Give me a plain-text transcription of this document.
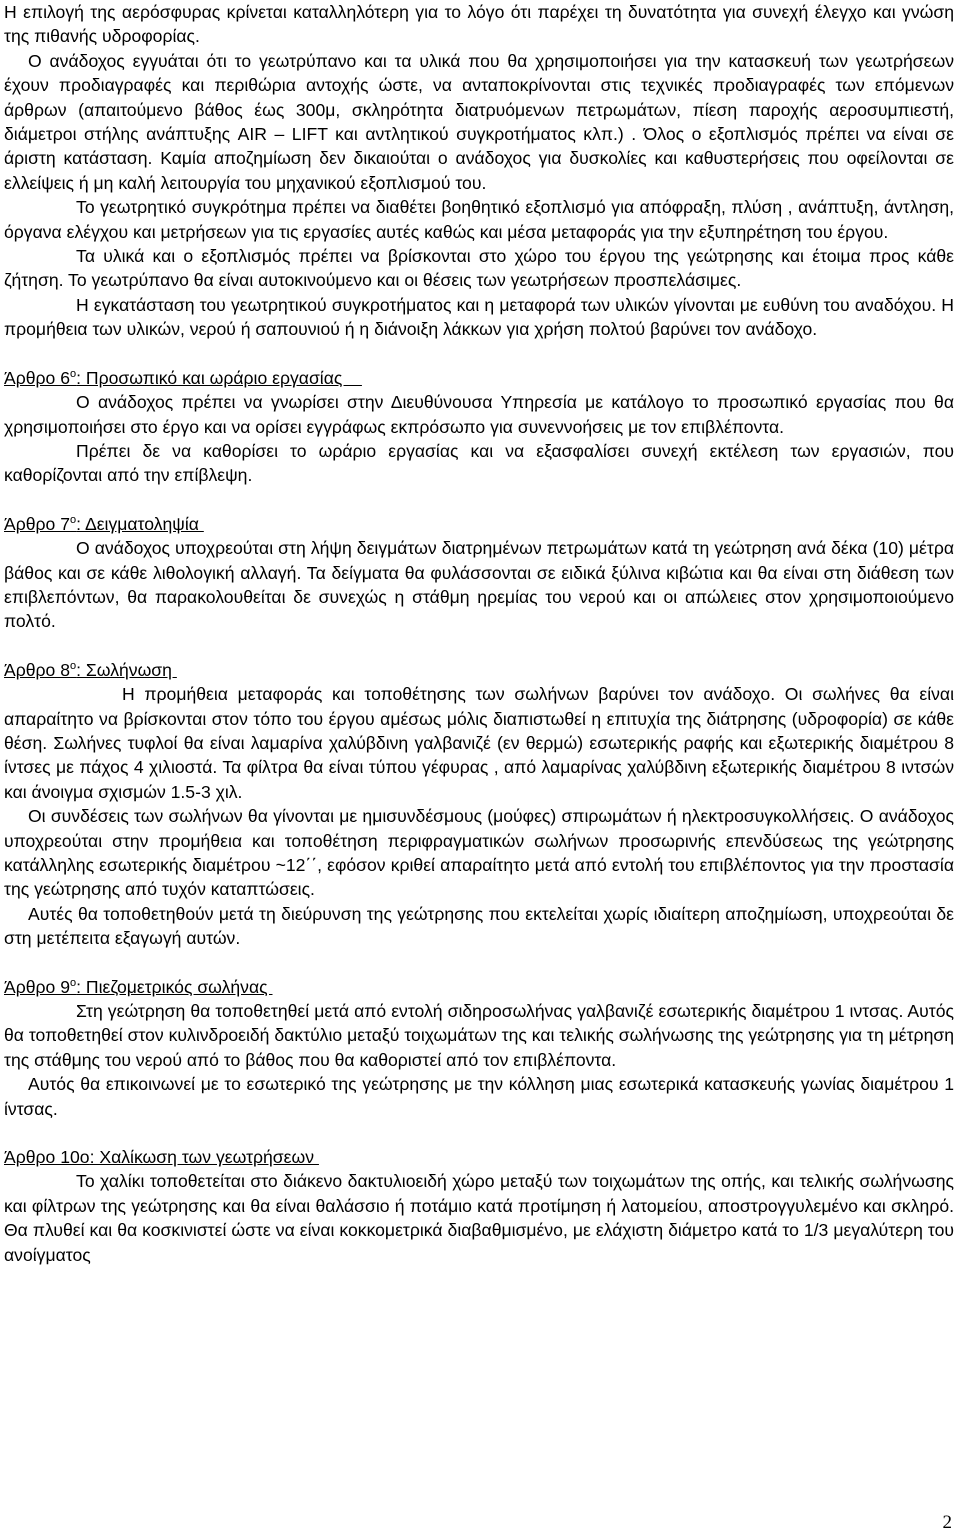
Η επιλογή της αερόσφυρας κρίνεται καταλληλότερη για το λόγο ότι παρέχει τη δυνατότητα για συνεχή έλεγχο και γνώση της πιθανής υδροφορίας.

Ο ανάδοχος εγγυάται ότι το γεωτρύπανο και τα υλικά που θα χρησιμοποιήσει για την κατασκευή των γεωτρήσεων έχουν προδιαγραφές και περιθώρια αντοχής ώστε, να ανταποκρίνονται στις τεχνικές προδιαγραφές των επόμενων άρθρων (απαιτούμενο βάθος έως 300μ, σκληρότητα διατρυόμενων πετρωμάτων, πίεση παροχής αεροσυμπιεστή, διάμετροι στήλης ανάπτυξης AIR – LIFT και αντλητικού συγκροτήματος κλπ.) . Όλος ο εξοπλισμός πρέπει να είναι σε άριστη κατάσταση. Καμία αποζημίωση δεν δικαιούται ο ανάδοχος για δυσκολίες και καθυστερήσεις που οφείλονται σε ελλείψεις ή μη καλή λειτουργία του μηχανικού εξοπλισμού του.

Το γεωτρητικό συγκρότημα πρέπει να διαθέτει βοηθητικό εξοπλισμό για απόφραξη, πλύση , ανάπτυξη, άντληση, όργανα ελέγχου και μετρήσεων για τις εργασίες αυτές καθώς και μέσα μεταφοράς για την εξυπηρέτηση του έργου.

Τα υλικά και ο εξοπλισμός πρέπει να βρίσκονται στο χώρο του έργου της γεώτρησης και έτοιμα προς κάθε ζήτηση. Το γεωτρύπανο θα είναι αυτοκινούμενο και οι θέσεις των γεωτρήσεων προσπελάσιμες.

Η εγκατάσταση του γεωτρητικού συγκροτήματος και η μεταφορά των υλικών γίνονται με ευθύνη του αναδόχου. Η προμήθεια των υλικών, νερού ή σαπουνιού ή η διάνοιξη λάκκων για χρήση πολτού βαρύνει τον ανάδοχο.

Άρθρο $6^o$: Προσωπικό και ωράριο εργασίας

Ο ανάδοχος πρέπει να γνωρίσει στην Διευθύνουσα Υπηρεσία με κατάλογο το προσωπικό εργασίας που θα χρησιμοποιήσει στο έργο και να ορίσει εγγράφως εκπρόσωπο για συνεννοήσεις με τον επιβλέποντα.

Πρέπει δε να καθορίσει το ωράριο εργασίας και να εξασφαλίσει συνεχή εκτέλεση των εργασιών, που καθορίζονται από την επίβλεψη.

Άρθρο $7^o$: Δειγματοληψία

Ο ανάδοχος υποχρεούται στη λήψη δειγμάτων διατρημένων πετρωμάτων κατά τη γεώτρηση ανά δέκα (10) μέτρα βάθος και σε κάθε λιθολογική αλλαγή. Τα δείγματα θα φυλάσσονται σε ειδικά ξύλινα κιβώτια και θα είναι στη διάθεση των επιβλεπόντων, θα παρακολουθείται δε συνεχώς η στάθμη ηρεμίας του νερού και οι απώλειες στον χρησιμοποιούμενο πολτό.

Άρθρο $8^o$: Σωλήνωση

Η προμήθεια μεταφοράς και τοποθέτησης των σωλήνων βαρύνει τον ανάδοχο. Οι σωλήνες θα είναι απαραίτητο να βρίσκονται στον τόπο του έργου αμέσως μόλις διαπιστωθεί η επιτυχία της διάτρησης (υδροφορία) σε κάθε θέση. Σωλήνες τυφλοί θα είναι λαμαρίνα χαλύβδινη γαλβανιζέ (εν θερμώ) εσωτερικής ραφής και εξωτερικής διαμέτρου 8 ίντσες με πάχος 4 χιλιοστά. Τα φίλτρα θα είναι τύπου γέφυρας , από λαμαρίνας χαλύβδινη εξωτερικής διαμέτρου 8 ιντσών και άνοιγμα σχισμών 1.5-3 χιλ.

Οι συνδέσεις των σωλήνων θα γίνονται με ημισυνδέσμους (μούφες) σπιρωμάτων ή ηλεκτροσυγκολλήσεις. Ο ανάδοχος υποχρεούται στην προμήθεια και τοποθέτηση περιφραγματικών σωλήνων προσωρινής επενδύσεως της γεώτρησης κατάλληλης εσωτερικής διαμέτρου ~12΄΄, εφόσον κριθεί απαραίτητο μετά από εντολή του επιβλέποντος για την προστασία της γεώτρησης από τυχόν καταπτώσεις.

Αυτές θα τοποθετηθούν μετά τη διεύρυνση της γεώτρησης που εκτελείται χωρίς ιδιαίτερη αποζημίωση, υποχρεούται δε στη μετέπειτα εξαγωγή αυτών.

Άρθρο $9^o$: Πιεζομετρικός σωλήνας

Στη γεώτρηση θα τοποθετηθεί μετά από εντολή σιδηροσωλήνας γαλβανιζέ εσωτερικής διαμέτρου 1 ιντσας. Αυτός θα τοποθετηθεί στον κυλινδροειδή δακτύλιο μεταξύ τοιχωμάτων της και τελικής σωλήνωσης της γεώτρησης για τη μέτρηση της στάθμης του νερού από το βάθος που θα καθοριστεί από τον επιβλέποντα.

Αυτός θα επικοινωνεί με το εσωτερικό της γεώτρησης με την κόλληση μιας εσωτερικά κατασκευής γωνίας διαμέτρου 1 ίντσας.

Άρθρο 10ο: Χαλίκωση των γεωτρήσεων

Το χαλίκι τοποθετείται στο διάκενο δακτυλιοειδή χώρο μεταξύ των τοιχωμάτων της οπής, και τελικής σωλήνωσης και φίλτρων της γεώτρησης και θα είναι θαλάσσιο ή ποτάμιο κατά προτίμηση ή λατομείου, αποστρογγυλεμένο και σκληρό. Θα πλυθεί και θα κοσκινιστεί ώστε να είναι κοκκομετρικά διαβαθμισμένο, με ελάχιστη διάμετρο κατά το 1/3 μεγαλύτερη του ανοίγματος

2
